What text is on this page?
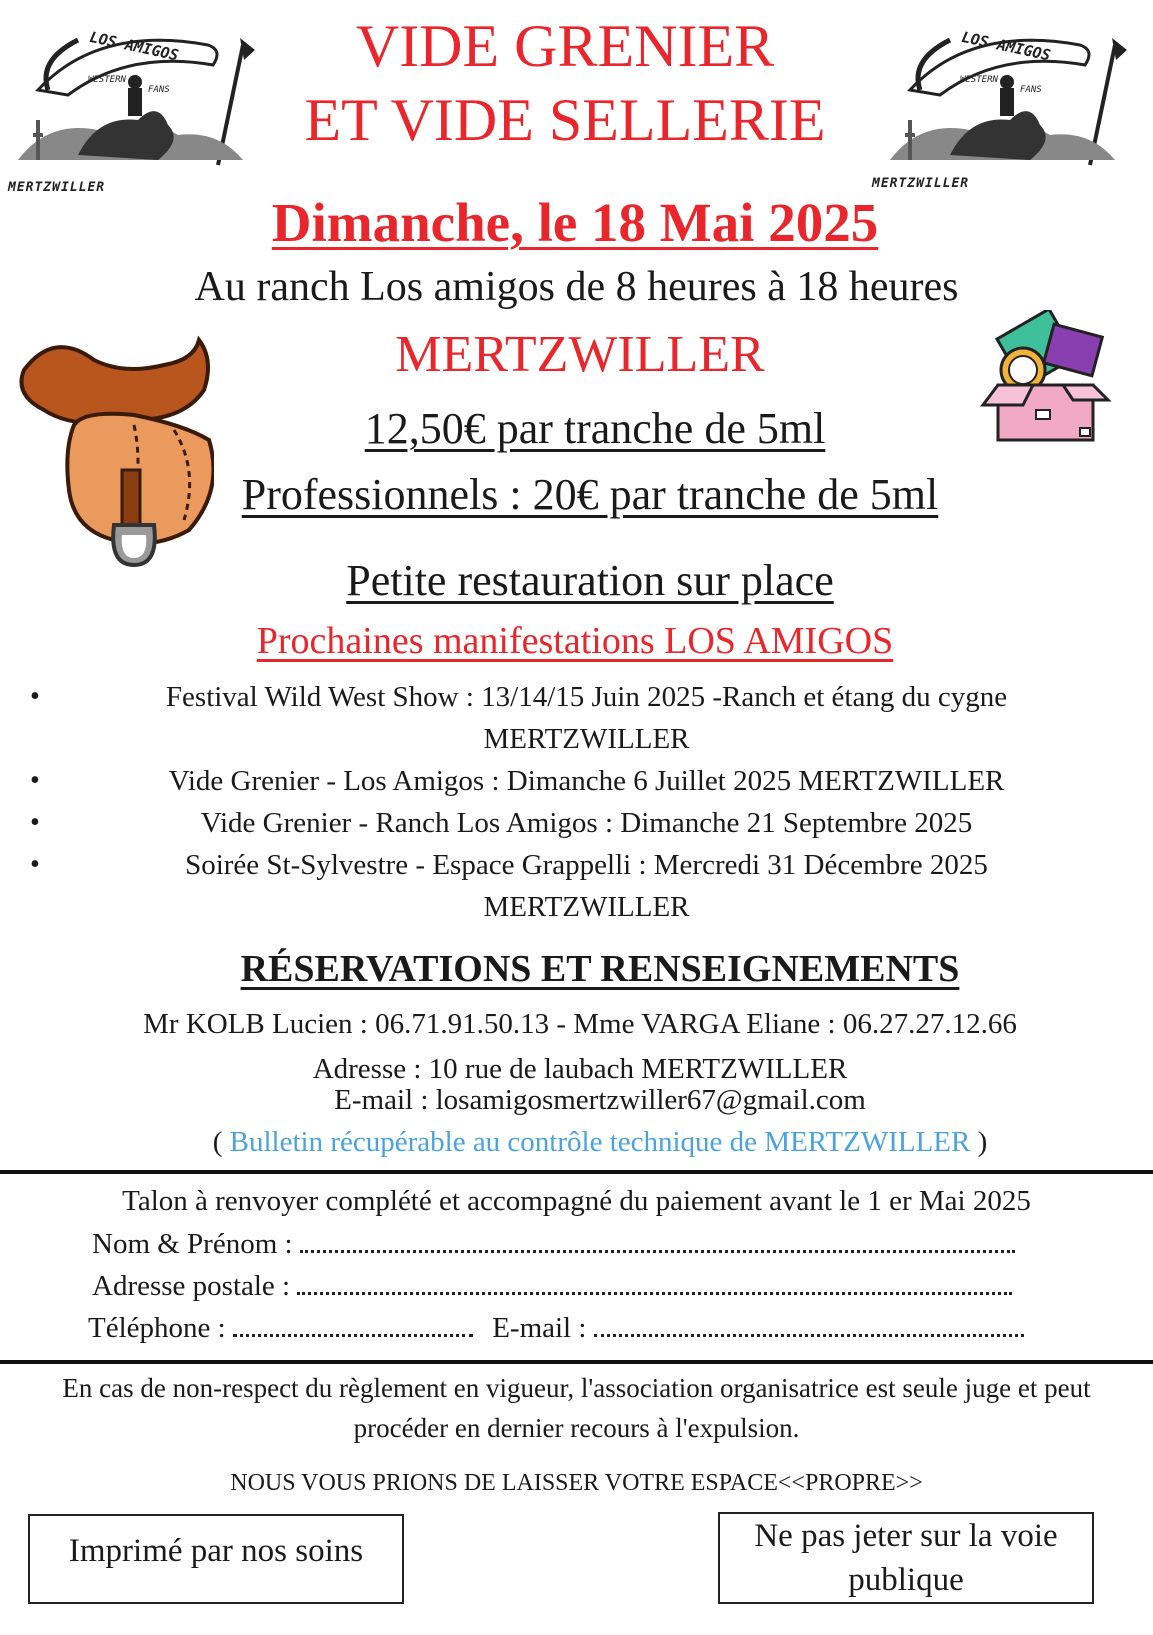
LOS AMIGOS
WESTERN
FANS
MERTZWILLER
LOS AMIGOS
WESTERN
FANS
MERTZWILLER
VIDE GRENIER
ET VIDE SELLERIE
Dimanche, le 18 Mai 2025
Au ranch Los amigos de 8 heures à 18 heures
MERTZWILLER
12,50€ par tranche de 5ml
Professionnels : 20€ par tranche de 5ml
Petite restauration sur place
Prochaines manifestations LOS AMIGOS
•	Festival Wild West Show : 13/14/15 Juin 2025 -Ranch et étang du cygne MERTZWILLER
•	Vide Grenier - Los Amigos : Dimanche 6 Juillet 2025 MERTZWILLER
•	Vide Grenier - Ranch Los Amigos : Dimanche 21 Septembre 2025
•	Soirée St-Sylvestre - Espace Grappelli : Mercredi 31 Décembre 2025 MERTZWILLER
RÉSERVATIONS ET RENSEIGNEMENTS
Mr KOLB Lucien : 06.71.91.50.13 - Mme VARGA Eliane : 06.27.27.12.66
Adresse : 10 rue de laubach MERTZWILLER
E-mail : losamigosmertzwiller67@gmail.com
( Bulletin récupérable au contrôle technique de MERTZWILLER )
Talon à renvoyer complété et accompagné du paiement avant le 1 er Mai 2025
Nom & Prénom :
Adresse postale :
Téléphone :	E-mail :
En cas de non-respect du règlement en vigueur, l'association organisatrice est seule juge et peut procéder en dernier recours à l'expulsion.
NOUS VOUS PRIONS DE LAISSER VOTRE ESPACE<<PROPRE>>
Imprimé par nos soins	Ne pas jeter sur la voie publique
